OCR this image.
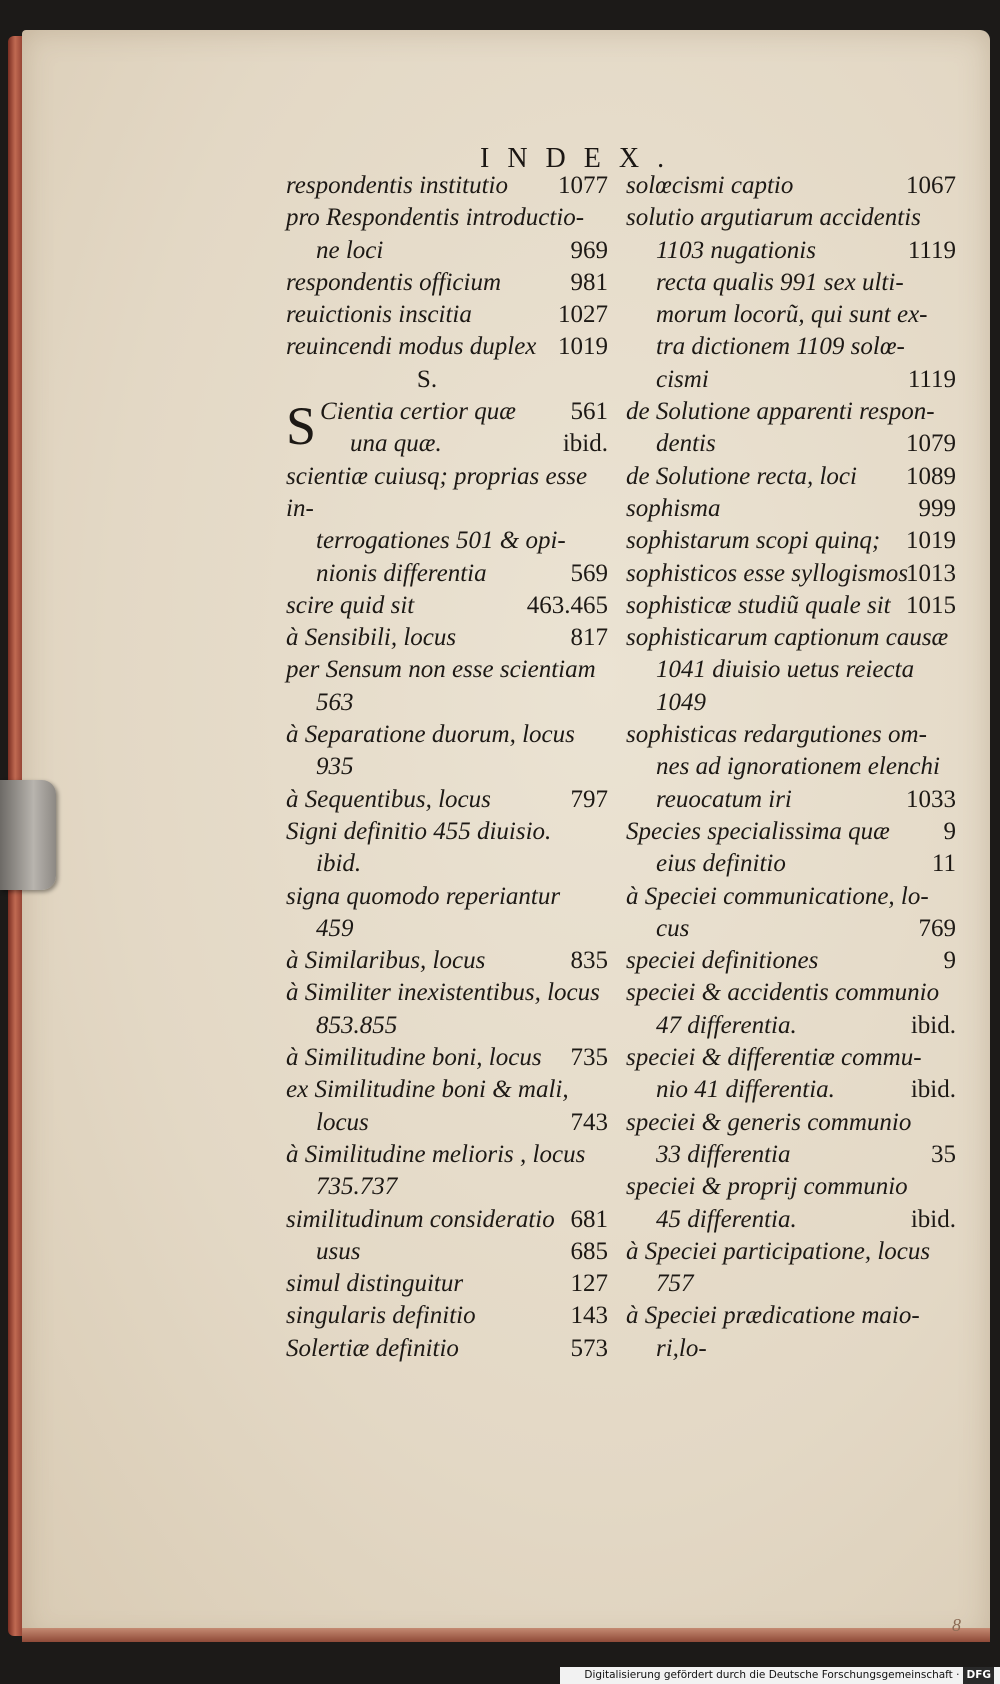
INDEX.
respondentis institutio 1077
pro Respondentis introductio-
ne loci	969
respondentis officium	981
reuictionis inscitia	1027
reuincendi modus duplex 1019
S.
S Cientia certior quæ 561
una quæ.	ibid.
scientiæ cuiusq; proprias esse in-
terrogationes 501 & opi-
nionis differentia	569
scire quid sit	463.465
à Sensibili, locus	817
per Sensum non esse scientiam
563
à Separatione duorum, locus
935
à Sequentibus, locus	797
Signi definitio 455 diuisio.
ibid.
signa quomodo reperiantur
459
à Similaribus, locus	835
à Similiter inexistentibus, locus
853.855
à Similitudine boni, locus 735
ex Similitudine boni & mali,
locus	743
à Similitudine melioris , locus
735.737
similitudinum consideratio 681
usus	685
simul distinguitur	127
singularis definitio	143
Solertiæ definitio	573
solœcismi captio	1067
solutio argutiarum accidentis
1103 nugationis	1119
recta qualis 991 sex ulti-
morum locorũ, qui sunt ex-
tra dictionem 1109 solœ-
cismi	1119
de Solutione apparenti respon-
dentis	1079
de Solutione recta, loci 1089
sophisma	999
sophistarum scopi quinq; 1019
sophisticos esse syllogismos
1013
sophisticæ studiũ quale sit 1015
sophisticarum captionum causæ
1041 diuisio uetus reiecta
1049
sophisticas redargutiones om-
nes ad ignorationem elenchi
reuocatum iri	1033
Species specialissima quæ 9
eius definitio	11
à Speciei communicatione, lo-
cus	769
speciei definitiones	9
speciei & accidentis communio
47 differentia.	ibid.
speciei & differentiæ commu-
nio 41 differentia.	ibid.
speciei & generis communio
33 differentia	35
speciei & proprij communio
45 differentia.	ibid.
à Speciei participatione, locus
757
à Speciei prædicatione maio-
ri,lo-
8
Digitalisierung gefördert durch die Deutsche Forschungsgemeinschaft · DFG
